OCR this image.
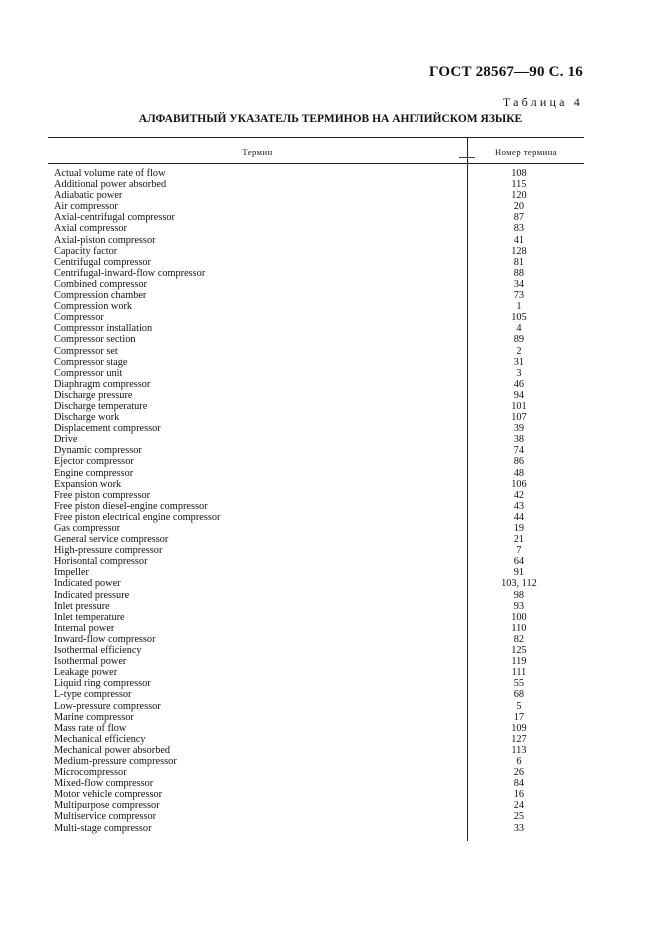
ГОСТ 28567—90 С. 16
Таблица 4
АЛФАВИТНЫЙ УКАЗАТЕЛЬ ТЕРМИНОВ НА АНГЛИЙСКОМ ЯЗЫКЕ
Термин	Номер термина
Actual volume rate of flow	108
Additional power absorbed	115
Adiabatic power	120
Air compressor	20
Axial-centrifugal compressor	87
Axial compressor	83
Axial-piston compressor	41
Capacity factor	128
Centrifugal compressor	81
Centrifugal-inward-flow compressor	88
Combined compressor	34
Compression chamber	73
Compression work	1
Compressor	105
Compressor installation	4
Compressor section	89
Compressor set	2
Compressor stage	31
Compressor unit	3
Diaphragm compressor	46
Discharge pressure	94
Discharge temperature	101
Discharge work	107
Displacement compressor	39
Drive	38
Dynamic compressor	74
Ejector compressor	86
Engine compressor	48
Expansion work	106
Free piston compressor	42
Free piston diesel-engine compressor	43
Free piston electrical engine compressor	44
Gas compressor	19
General service compressor	21
High-pressure compressor	7
Horisontal compressor	64
Impeller	91
Indicated power	103, 112
Indicated pressure	98
Inlet pressure	93
Inlet temperature	100
Internal power	110
Inward-flow compressor	82
Isothermal efficiency	125
Isothermal power	119
Leakage power	111
Liquid ring compressor	55
L-type compressor	68
Low-pressure compressor	5
Marine compressor	17
Mass rate of flow	109
Mechanical efficiency	127
Mechanical power absorbed	113
Medium-pressure compressor	6
Microcompressor	26
Mixed-flow compressor	84
Motor vehicle compressor	16
Multipurpose compressor	24
Multiservice compressor	25
Multi-stage compressor	33
